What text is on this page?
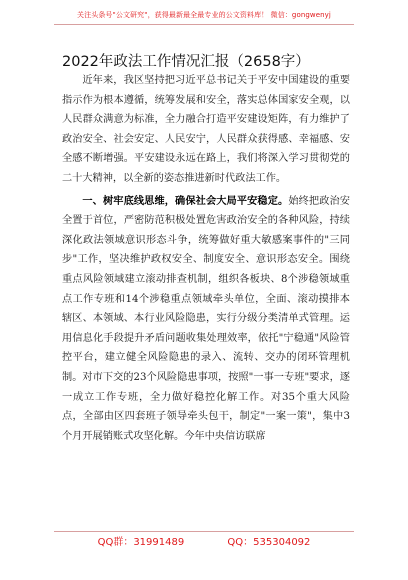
关注头条号"公文研究"，获得最新最全最专业的公文资料库！ 微信：gongwenyj
2022年政法工作情况汇报（2658字）

近年来，我区坚持把习近平总书记关于平安中国建设的重要指示作为根本遵循，统筹发展和安全，落实总体国家安全观，以人民群众满意为标准，全力融合打造平安建设矩阵，有力维护了政治安全、社会安定、人民安宁，人民群众获得感、幸福感、安全感不断增强。平安建设永远在路上，我们将深入学习贯彻党的二十大精神，以全新的姿态推进新时代政法工作。

一、树牢底线思维，确保社会大局平安稳定。始终把政治安全置于首位，严密防范积极处置危害政治安全的各种风险，持续深化政法领域意识形态斗争，统筹做好重大敏感案事件的"三同步"工作，坚决维护政权安全、制度安全、意识形态安全。围绕重点风险领域建立滚动排查机制，组织各板块、8个涉稳领域重点工作专班和14个涉稳重点领域牵头单位，全面、滚动摸排本辖区、本领域、本行业风险隐患，实行分级分类清单式管理。运用信息化手段提升矛盾问题收集处理效率，依托"宁稳通"风险管控平台，建立健全风险隐患的录入、流转、交办的闭环管理机制。对市下交的23个风险隐患事项，按照"一事一专班"要求，逐一成立工作专班，全力做好稳控化解工作。对35个重大风险点，全部由区四套班子领导牵头包干，制定"一案一策"，集中3个月开展销账式攻坚化解。今年中央信访联席

QQ群：31991489	QQ：535304092
